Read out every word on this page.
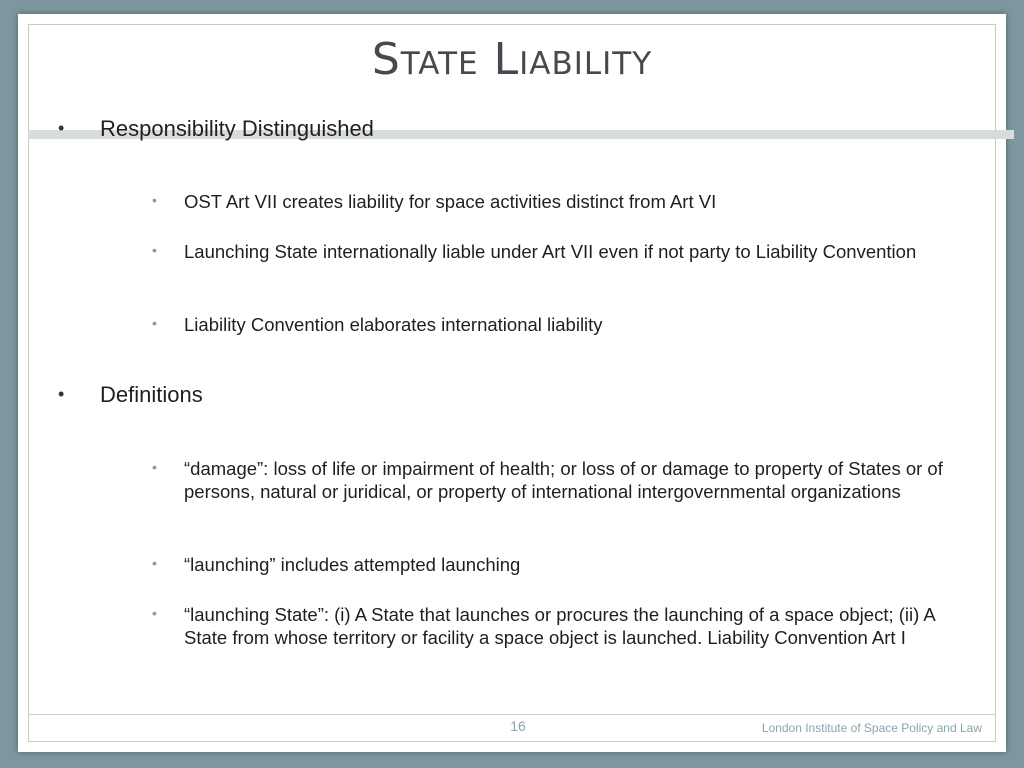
State Liability
• Responsibility Distinguished

• OST Art VII creates liability for space activities distinct from Art VI

• Launching State internationally liable under Art VII even if not party to Liability Convention

• Liability Convention elaborates international liability

• Definitions

• “damage”: loss of life or impairment of health; or loss of or damage to property of States or of persons, natural or juridical, or property of international intergovernmental organizations

• “launching” includes attempted launching

• “launching State”: (i) A State that launches or procures the launching of a space object; (ii) A State from whose territory or facility a space object is launched. Liability Convention Art I

16	London Institute of Space Policy and Law
